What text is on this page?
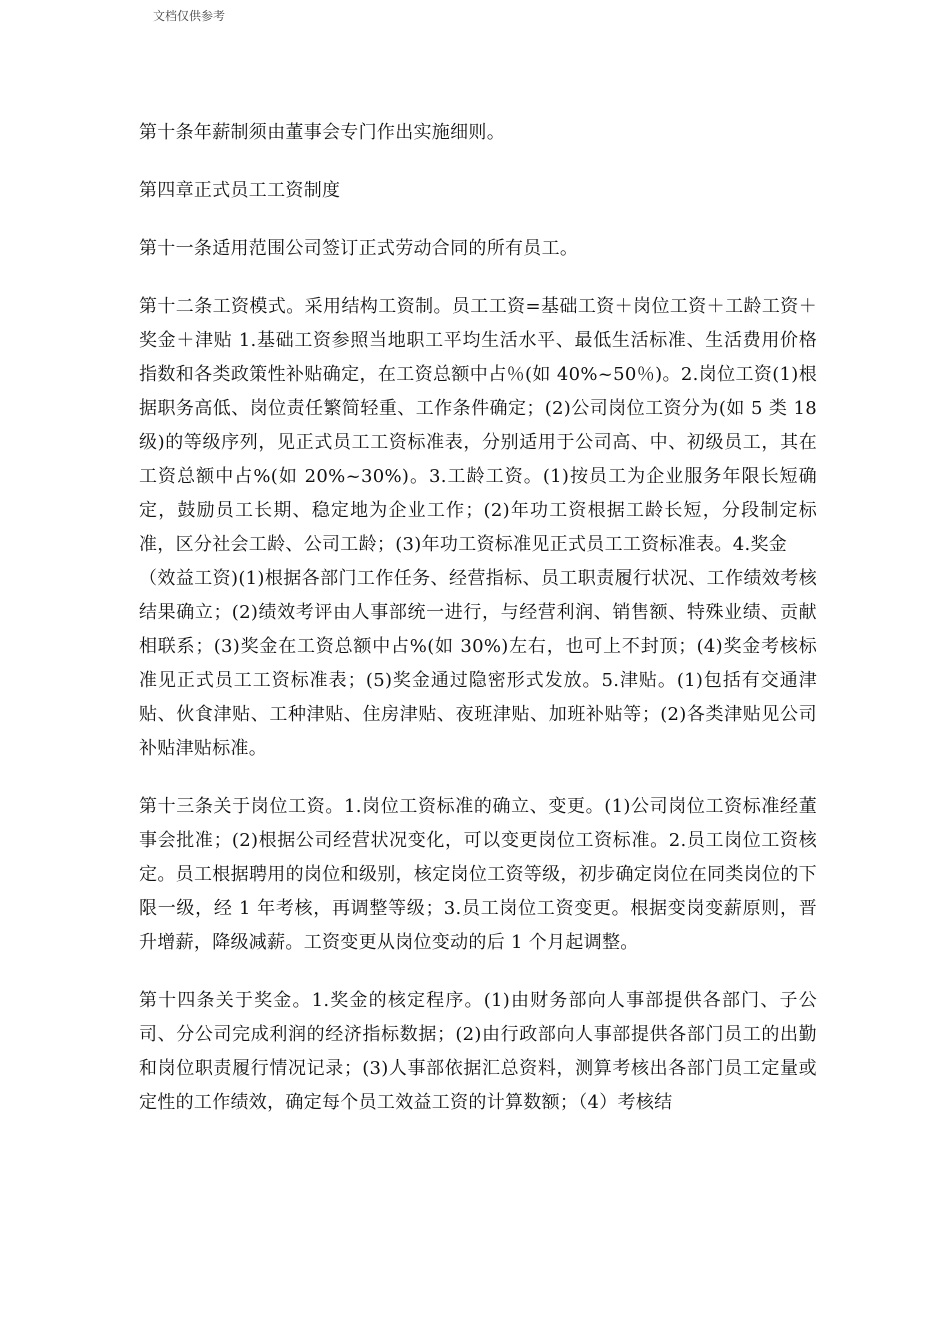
文档仅供参考

第十条年薪制须由董事会专门作出实施细则。

第四章正式员工工资制度

第十一条适用范围公司签订正式劳动合同的所有员工。

第十二条工资模式。采用结构工资制。员工工资=基础工资＋岗位工资＋工龄工资＋奖金＋津贴 1.基础工资参照当地职工平均生活水平、最低生活标准、生活费用价格指数和各类政策性补贴确定，在工资总额中占％(如 40%~50％)。2.岗位工资(1)根据职务高低、岗位责任繁简轻重、工作条件确定；(2)公司岗位工资分为(如 5 类 18 级)的等级序列，见正式员工工资标准表，分别适用于公司高、中、初级员工，其在工资总额中占%(如 20%~30%)。3.工龄工资。(1)按员工为企业服务年限长短确定，鼓励员工长期、稳定地为企业工作；(2)年功工资根据工龄长短，分段制定标准，区分社会工龄、公司工龄；(3)年功工资标准见正式员工工资标准表。4.奖金

（效益工资)(1)根据各部门工作任务、经营指标、员工职责履行状况、工作绩效考核结果确立；(2)绩效考评由人事部统一进行，与经营利润、销售额、特殊业绩、贡献相联系；(3)奖金在工资总额中占%(如 30%)左右，也可上不封顶；(4)奖金考核标准见正式员工工资标准表；(5)奖金通过隐密形式发放。5.津贴。(1)包括有交通津贴、伙食津贴、工种津贴、住房津贴、夜班津贴、加班补贴等；(2)各类津贴见公司补贴津贴标准。

第十三条关于岗位工资。1.岗位工资标准的确立、变更。(1)公司岗位工资标准经董事会批准；(2)根据公司经营状况变化，可以变更岗位工资标准。2.员工岗位工资核定。员工根据聘用的岗位和级别，核定岗位工资等级，初步确定岗位在同类岗位的下限一级，经 1 年考核，再调整等级；3.员工岗位工资变更。根据变岗变薪原则，晋升增薪，降级减薪。工资变更从岗位变动的后 1 个月起调整。

第十四条关于奖金。1.奖金的核定程序。(1)由财务部向人事部提供各部门、子公司、分公司完成利润的经济指标数据；(2)由行政部向人事部提供各部门员工的出勤和岗位职责履行情况记录；(3)人事部依据汇总资料，测算考核出各部门员工定量或定性的工作绩效，确定每个员工效益工资的计算数额；（4）考核结
